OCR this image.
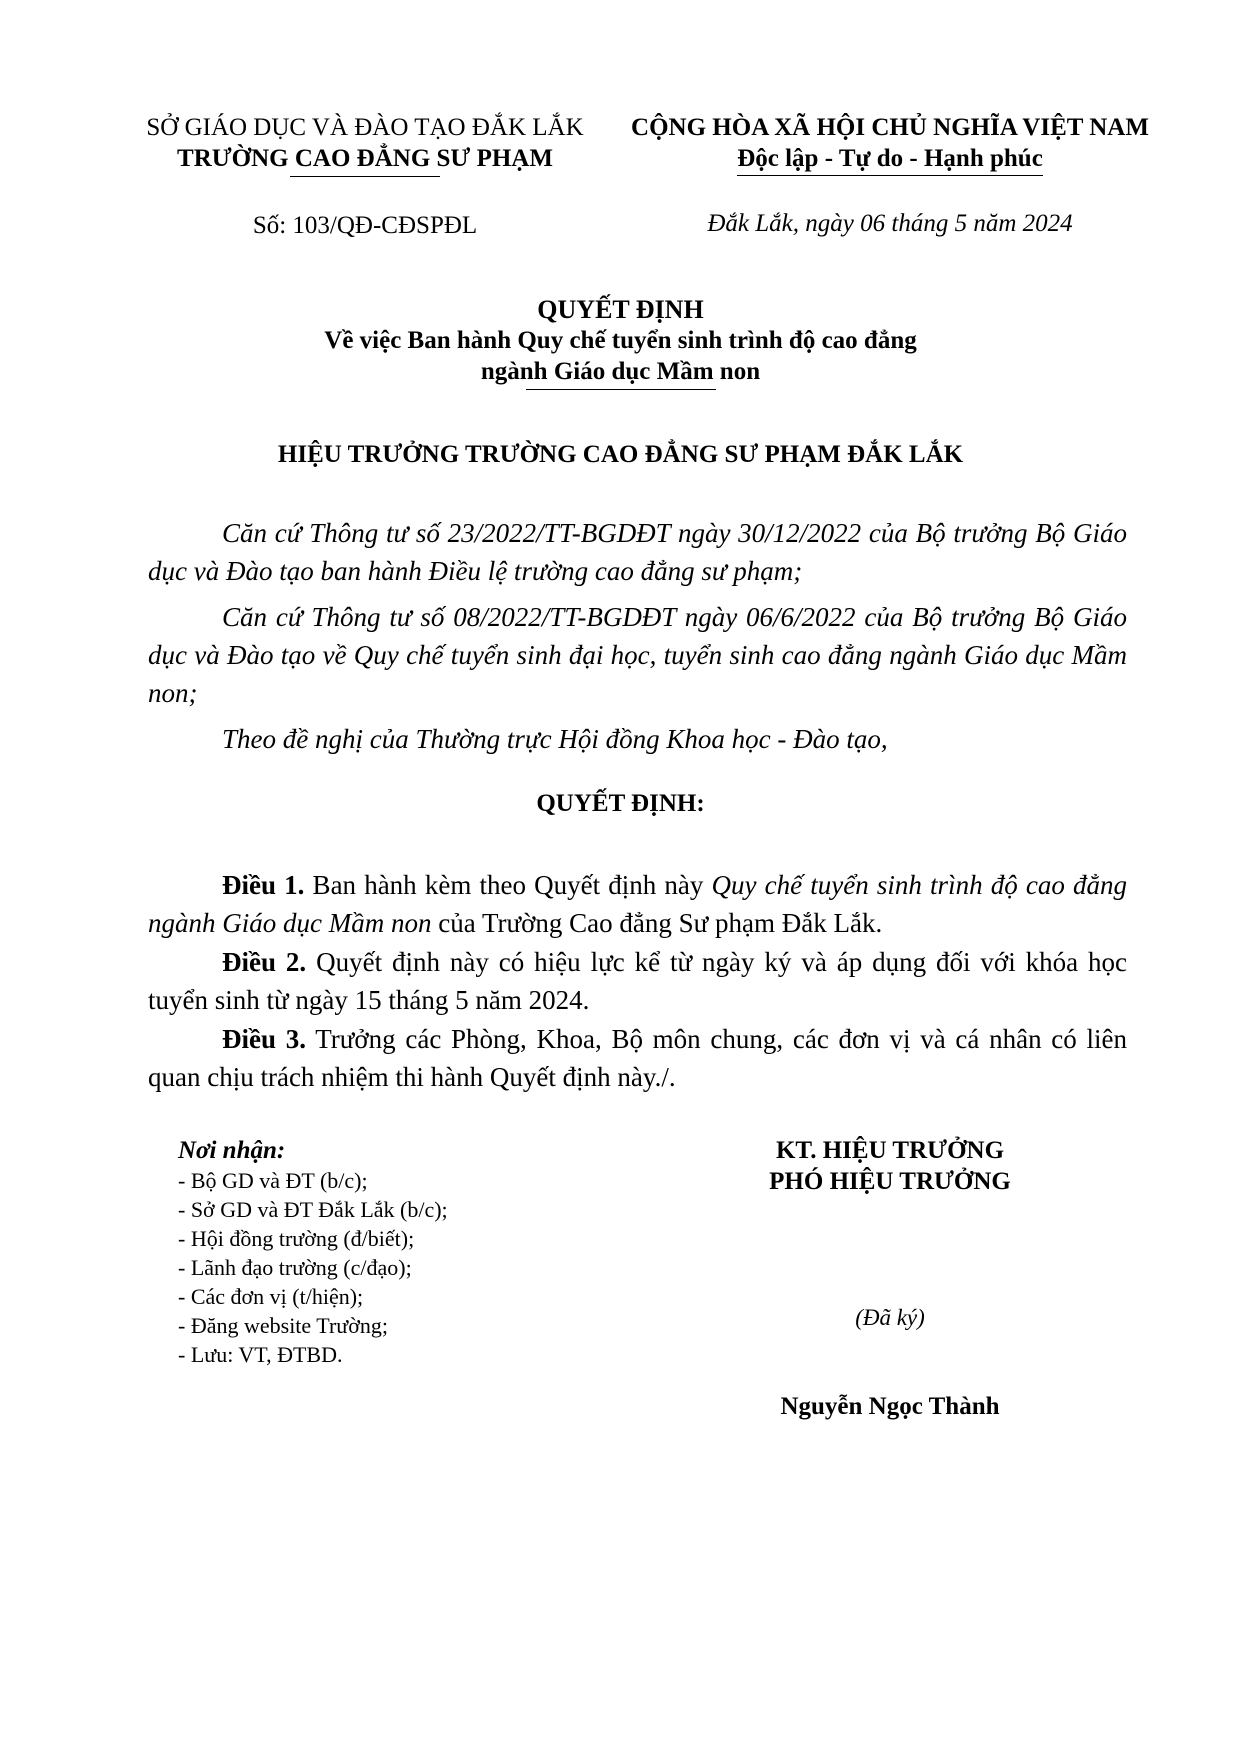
SỞ GIÁO DỤC VÀ ĐÀO TẠO ĐẮK LẮK
TRƯỜNG CAO ĐẲNG SƯ PHẠM
Số: 103/QĐ-CĐSPĐL
CỘNG HÒA XÃ HỘI CHỦ NGHĨA VIỆT NAM
Độc lập - Tự do - Hạnh phúc
Đắk Lắk, ngày 06 tháng 5 năm 2024
QUYẾT ĐỊNH
Về việc Ban hành Quy chế tuyển sinh trình độ cao đẳng
ngành Giáo dục Mầm non
HIỆU TRƯỞNG TRƯỜNG CAO ĐẲNG SƯ PHẠM ĐẮK LẮK

Căn cứ Thông tư số 23/2022/TT-BGDĐT ngày 30/12/2022 của Bộ trưởng Bộ Giáo dục và Đào tạo ban hành Điều lệ trường cao đẳng sư phạm;

Căn cứ Thông tư số 08/2022/TT-BGDĐT ngày 06/6/2022 của Bộ trưởng Bộ Giáo dục và Đào tạo về Quy chế tuyển sinh đại học, tuyển sinh cao đẳng ngành Giáo dục Mầm non;

Theo đề nghị của Thường trực Hội đồng Khoa học - Đào tạo,

QUYẾT ĐỊNH:

Điều 1. Ban hành kèm theo Quyết định này Quy chế tuyển sinh trình độ cao đẳng ngành Giáo dục Mầm non của Trường Cao đẳng Sư phạm Đắk Lắk.

Điều 2. Quyết định này có hiệu lực kể từ ngày ký và áp dụng đối với khóa học tuyển sinh từ ngày 15 tháng 5 năm 2024.

Điều 3. Trưởng các Phòng, Khoa, Bộ môn chung, các đơn vị và cá nhân có liên quan chịu trách nhiệm thi hành Quyết định này./.

Nơi nhận:
- Bộ GD và ĐT (b/c);
- Sở GD và ĐT Đắk Lắk (b/c);
- Hội đồng trường (đ/biết);
- Lãnh đạo trường (c/đạo);
- Các đơn vị (t/hiện);
- Đăng website Trường;
- Lưu: VT, ĐTBD.
KT. HIỆU TRƯỞNG
PHÓ HIỆU TRƯỞNG
(Đã ký)
Nguyễn Ngọc Thành
